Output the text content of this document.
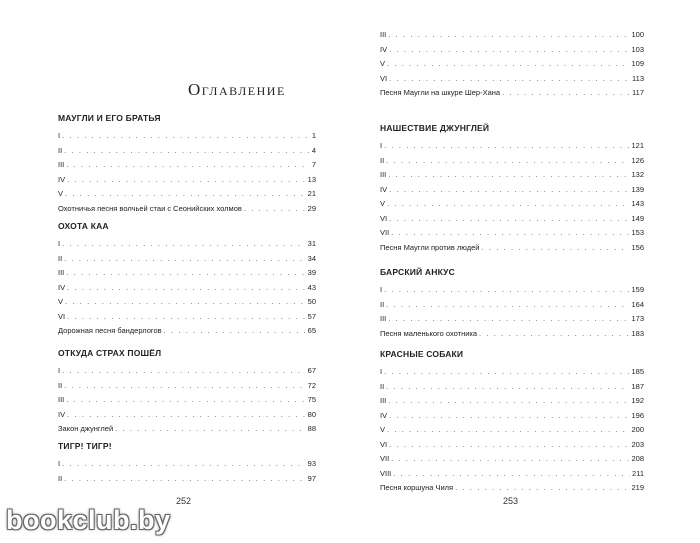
Оглавление
МАУГЛИ И ЕГО БРАТЬЯ
I . . .	1
II . . .	4
III . . .	7
IV . . .	13
V . . .	21
Охотничья песня волчьей стаи с Сеонийских холмов . . .	29
ОХОТА КАА
I . . .	31
II . . .	34
III . . .	39
IV . . .	43
V . . .	50
VI . . .	57
Дорожная песня бандерлогов . . .	65
ОТКУДА СТРАХ ПОШЁЛ
I . . .	67
II . . .	72
III . . .	75
IV . . .	80
Закон джунглей . . .	88
ТИГР! ТИГР!
I . . .	93
II . . .	97
252
III . . .	100
IV . . .	103
V . . .	109
VI . . .	113
Песня Маугли на шкуре Шер-Хана . . .	117
НАШЕСТВИЕ ДЖУНГЛЕЙ
I . . .	121
II . . .	126
III . . .	132
IV . . .	139
V . . .	143
VI . . .	149
VII . . .	153
Песня Маугли против людей . . .	156
БАРСКИЙ АНКУС
I . . .	159
II . . .	164
III . . .	173
Песня маленького охотника . . .	183
КРАСНЫЕ СОБАКИ
I . . .	185
II . . .	187
III . . .	192
IV . . .	196
V . . .	200
VI . . .	203
VII . . .	208
VIII . . .	211
Песня коршуна Чиля . . .	219
253
bookclub.by
